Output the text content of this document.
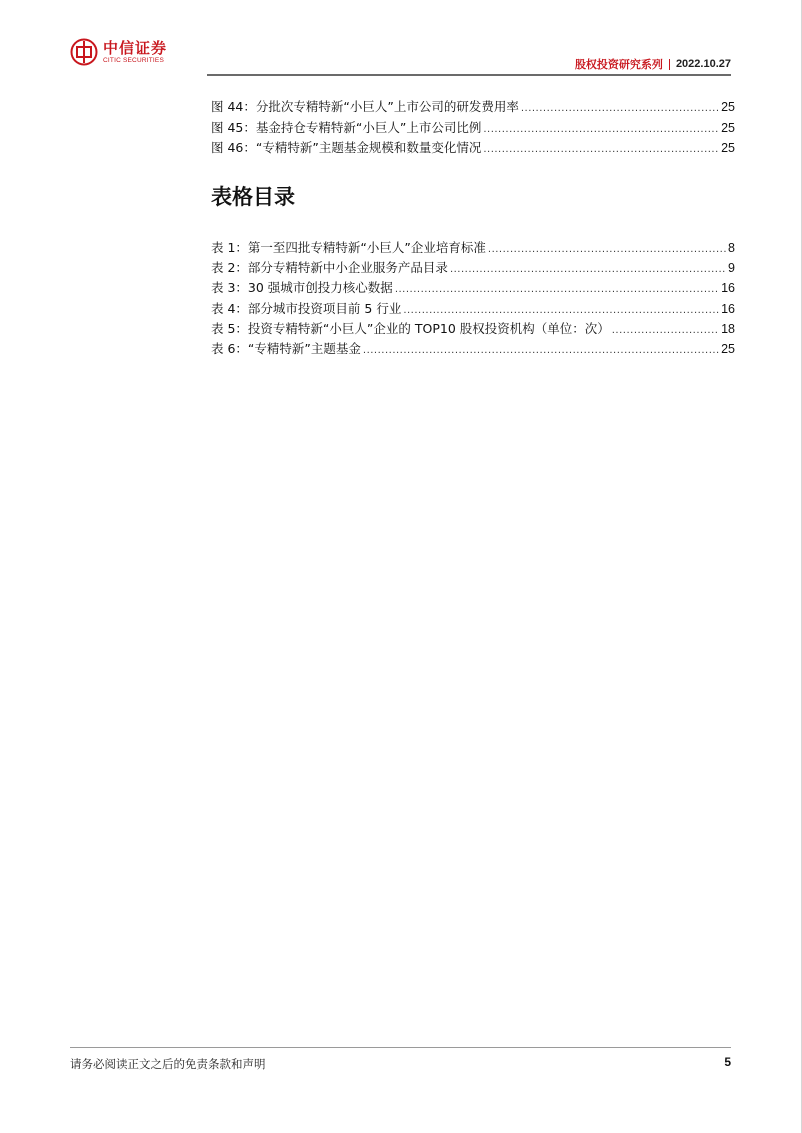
中信证券
CITIC SECURITIES	股权投资研究系列 2022.10.27
图 44：分批次专精特新“小巨人”上市公司的研发费用率 .....	25
图 45：基金持仓专精特新“小巨人”上市公司比例 .....	25
图 46：“专精特新”主题基金规模和数量变化情况 .....	25
表格目录
表 1：第一至四批专精特新“小巨人”企业培育标准 .....	8
表 2：部分专精特新中小企业服务产品目录 .....	9
表 3：30 强城市创投力核心数据 .....	16
表 4：部分城市投资项目前 5 行业 .....	16
表 5：投资专精特新“小巨人”企业的 TOP10 股权投资机构（单位：次） .....	18
表 6：“专精特新”主题基金 .....	25
请务必阅读正文之后的免责条款和声明	5
